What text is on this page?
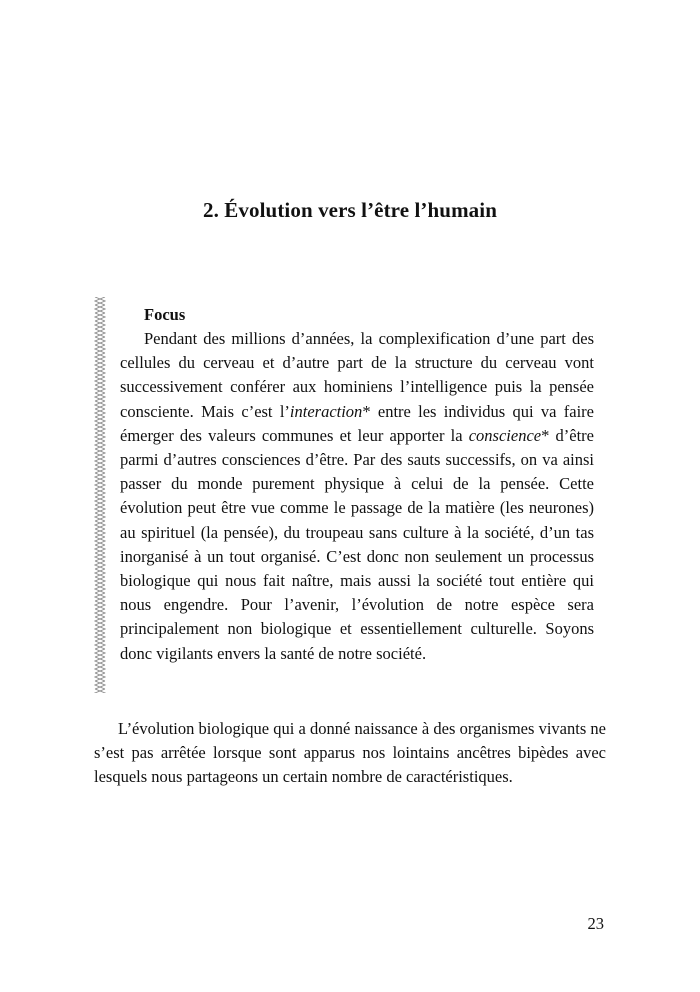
2. Évolution vers l’être l’humain
Focus

Pendant des millions d’années, la complexification d’une part des cellules du cerveau et d’autre part de la structure du cerveau vont successivement conférer aux hominiens l’intelligence puis la pensée consciente. Mais c’est l’interaction* entre les individus qui va faire émerger des valeurs communes et leur apporter la conscience* d’être parmi d’autres consciences d’être. Par des sauts successifs, on va ainsi passer du monde purement physique à celui de la pensée. Cette évolution peut être vue comme le passage de la matière (les neurones) au spirituel (la pensée), du troupeau sans culture à la société, d’un tas inorganisé à un tout organisé. C’est donc non seulement un processus biologique qui nous fait naître, mais aussi la société tout entière qui nous engendre. Pour l’avenir, l’évolution de notre espèce sera principalement non biologique et essentiellement culturelle. Soyons donc vigilants envers la santé de notre société.

L’évolution biologique qui a donné naissance à des organismes vivants ne s’est pas arrêtée lorsque sont apparus nos lointains ancêtres bipèdes avec lesquels nous partageons un certain nombre de caractéristiques.

23
